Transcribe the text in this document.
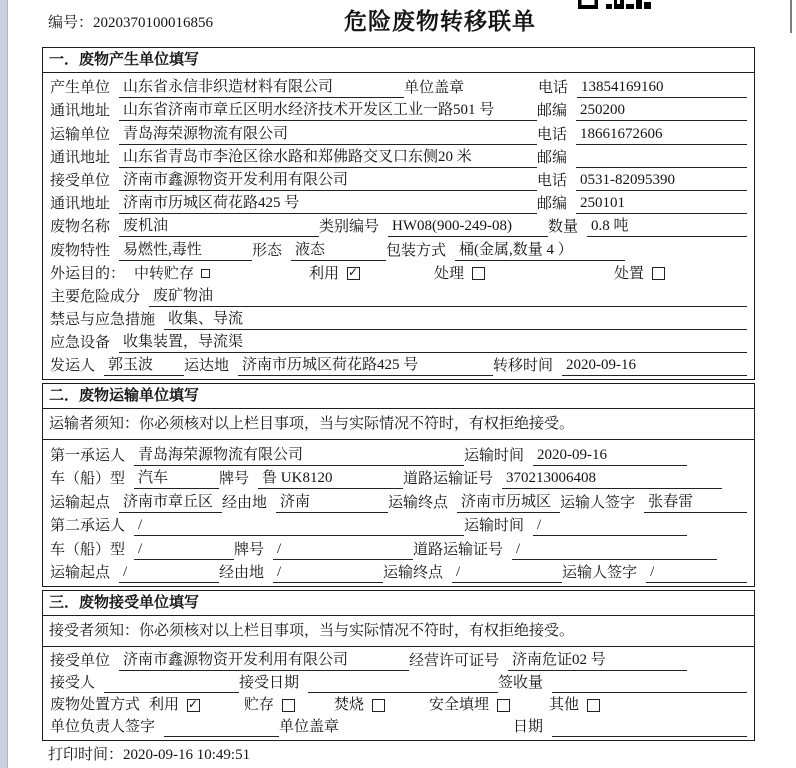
编号：2020370100016856	危险废物转移联单
一．废物产生单位填写
产生单位 山东省永信非织造材料有限公司	单位盖章	电话 13854169160
通讯地址 山东省济南市章丘区明水经济技术开发区工业一路501 号	邮编 250200
运输单位 青岛海荣源物流有限公司	电话 18661672606
通讯地址 山东省青岛市李沧区徐水路和郑佛路交叉口东侧20 米	邮编
接受单位 济南市鑫源物资开发利用有限公司	电话 0531-82095390
通讯地址 济南市历城区荷花路425 号	邮编 250101
废物名称 废机油	类别编号 HW08(900-249-08)	数量 0.8 吨
废物特性 易燃性,毒性	形态 液态	包装方式 桶(金属,数量 4 ）
外运目的： 中转贮存	利用 ✓	处理	处置
主要危险成分 废矿物油
禁忌与应急措施 收集、导流
应急设备 收集装置，导流渠
发运人 郭玉波	运达地 济南市历城区荷花路425 号	转移时间 2020-09-16
二．废物运输单位填写
运输者须知：你必须核对以上栏目事项，当与实际情况不符时，有权拒绝接受。
第一承运人 青岛海荣源物流有限公司	运输时间 2020-09-16
车（船）型 汽车	牌号 鲁 UK8120	道路运输证号 370213006408
运输起点 济南市章丘区 经由地 济南	运输终点 济南市历城区 运输人签字 张春雷
第二承运人 /	运输时间 /
车（船）型 /	牌号 /	道路运输证号 /
运输起点 /	经由地 /	运输终点 /	运输人签字 /
三．废物接受单位填写
接受者须知：你必须核对以上栏目事项，当与实际情况不符时，有权拒绝接受。
接受单位 济南市鑫源物资开发利用有限公司	经营许可证号 济南危证02 号
接受人	接受日期	签收量
废物处置方式 利用 ✓	贮存	焚烧	安全填埋	其他
单位负责人签字	单位盖章	日期
打印时间：2020-09-16 10:49:51
